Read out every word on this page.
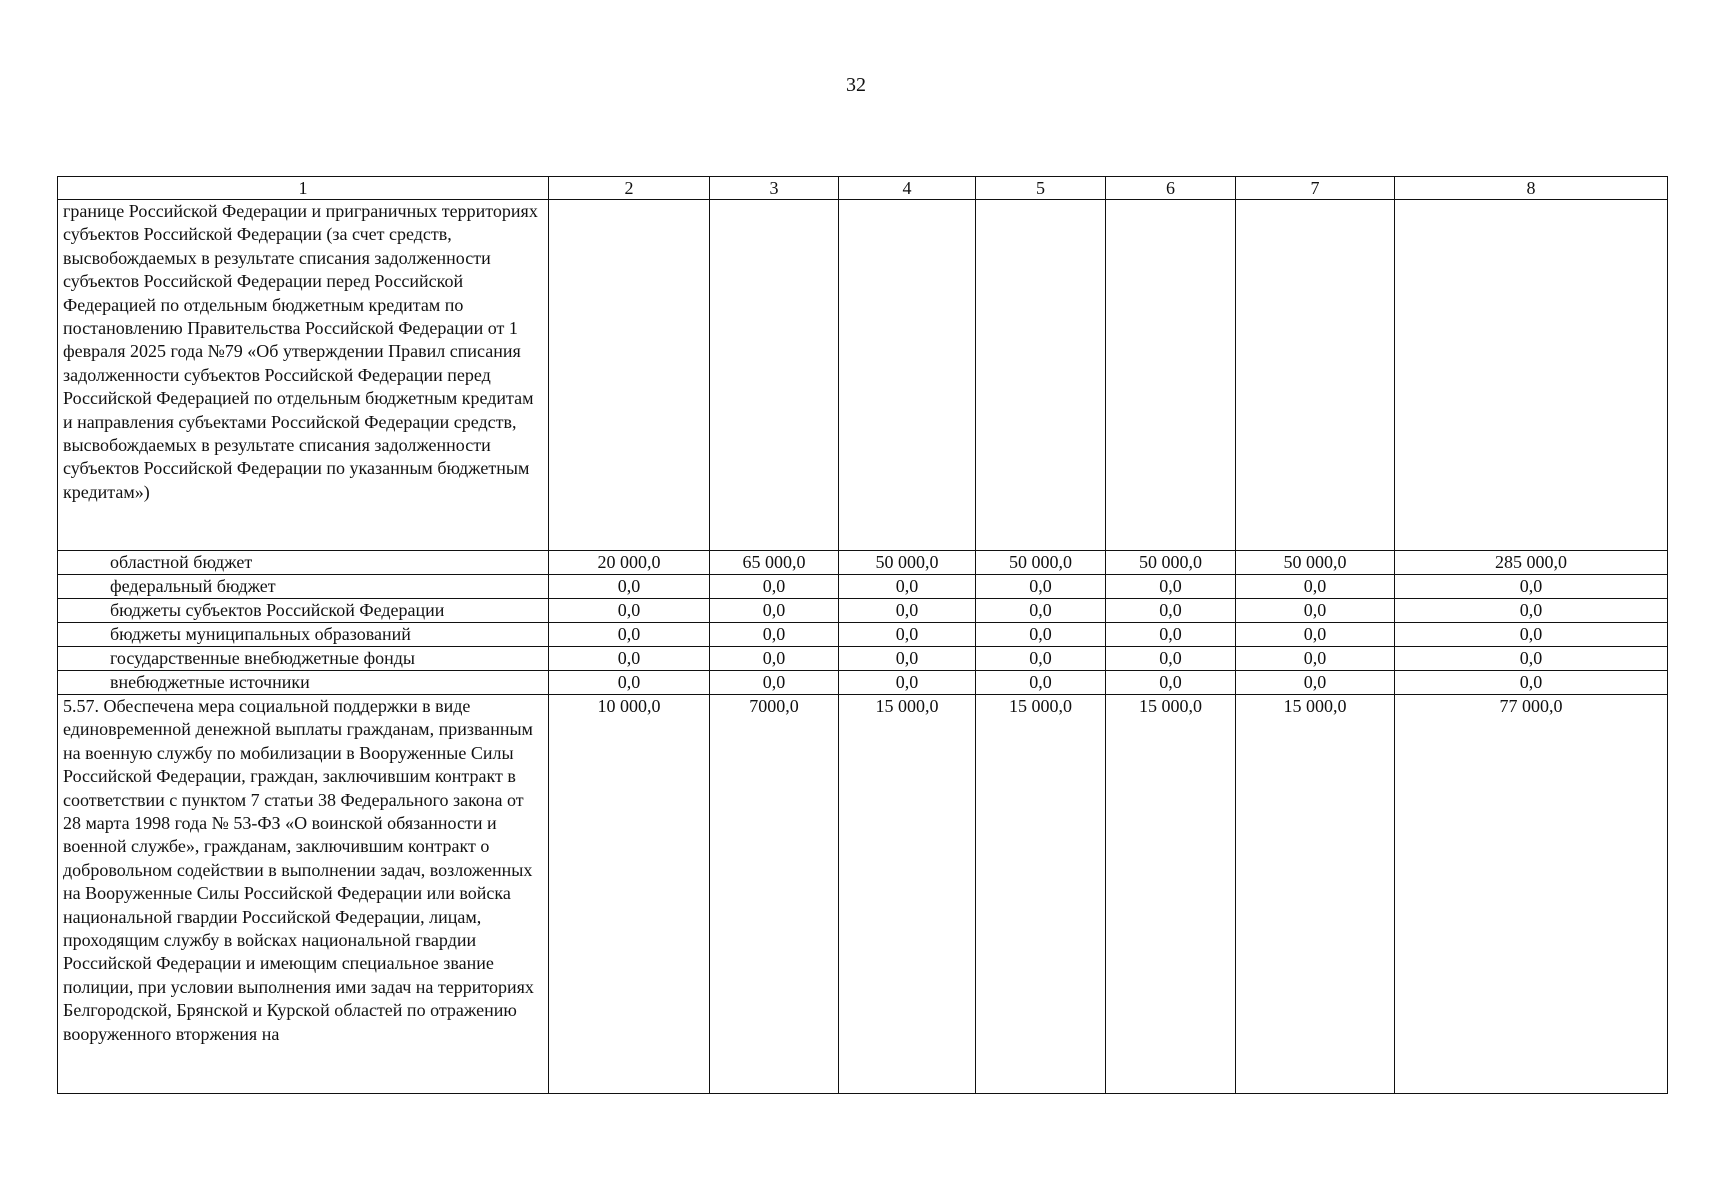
32
1	2	3	4	5	6	7	8
границе Российской Федерации и приграничных территориях субъектов Российской Федерации (за счет средств, высвобождаемых в результате списания задолженности субъектов Российской Федерации перед Российской Федерацией по отдельным бюджетным кредитам по постановлению Правительства Российской Федерации от 1 февраля 2025 года №79 «Об утверждении Правил списания задолженности субъектов Российской Федерации перед Российской Федерацией по отдельным бюджетным кредитам и направления субъектами Российской Федерации средств, высвобождаемых в результате списания задолженности субъектов Российской Федерации по указанным бюджетным кредитам»)							
областной бюджет	20 000,0	65 000,0	50 000,0	50 000,0	50 000,0	50 000,0	285 000,0
федеральный бюджет	0,0	0,0	0,0	0,0	0,0	0,0	0,0
бюджеты субъектов Российской Федерации	0,0	0,0	0,0	0,0	0,0	0,0	0,0
бюджеты муниципальных образований	0,0	0,0	0,0	0,0	0,0	0,0	0,0
государственные внебюджетные фонды	0,0	0,0	0,0	0,0	0,0	0,0	0,0
внебюджетные источники	0,0	0,0	0,0	0,0	0,0	0,0	0,0
5.57. Обеспечена мера социальной поддержки в виде единовременной денежной выплаты гражданам, призванным на военную службу по мобилизации в Вооруженные Силы Российской Федерации, граждан, заключившим контракт в соответствии с пунктом 7 статьи 38 Федерального закона от 28 марта 1998 года № 53-ФЗ «О воинской обязанности и военной службе», гражданам, заключившим контракт о добровольном содействии в выполнении задач, возложенных на Вооруженные Силы Российской Федерации или войска национальной гвардии Российской Федерации, лицам, проходящим службу в войсках национальной гвардии Российской Федерации и имеющим специальное звание полиции, при условии выполнения ими задач на территориях Белгородской, Брянской и Курской областей по отражению вооруженного вторжения на	10 000,0	7000,0	15 000,0	15 000,0	15 000,0	15 000,0	77 000,0
